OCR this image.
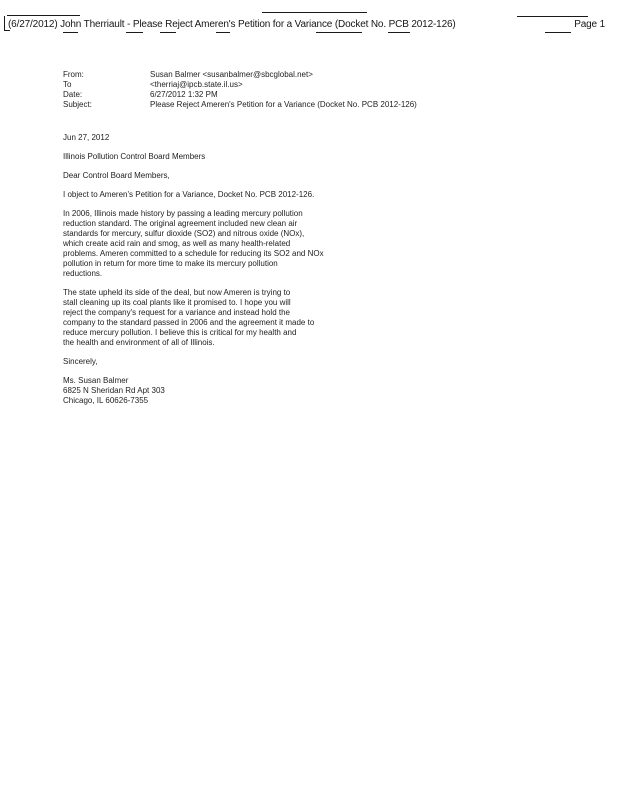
(6/27/2012) John Therriault - Please Reject Ameren's Petition for a Variance (Docket No. PCB 2012-126)	Page 1
From:	Susan Balmer <susanbalmer@sbcglobal.net>
To	<therriaj@ipcb.state.il.us>
Date:	6/27/2012 1:32 PM
Subject:	Please Reject Ameren's Petition for a Variance (Docket No. PCB 2012-126)
Jun 27, 2012
Illinois Pollution Control Board Members
Dear Control Board Members,
I object to Ameren's Petition for a Variance, Docket No. PCB 2012-126.
In 2006, Illinois made history by passing a leading mercury pollution
reduction standard. The original agreement included new clean air
standards for mercury, sulfur dioxide (SO2) and nitrous oxide (NOx),
which create acid rain and smog, as well as many health-related
problems. Ameren committed to a schedule for reducing its SO2 and NOx
pollution in return for more time to make its mercury pollution
reductions.
The state upheld its side of the deal, but now Ameren is trying to
stall cleaning up its coal plants like it promised to. I hope you will
reject the company's request for a variance and instead hold the
company to the standard passed in 2006 and the agreement it made to
reduce mercury pollution. I believe this is critical for my health and
the health and environment of all of Illinois.
Sincerely,
Ms. Susan Balmer
6825 N Sheridan Rd Apt 303
Chicago, IL 60626-7355
